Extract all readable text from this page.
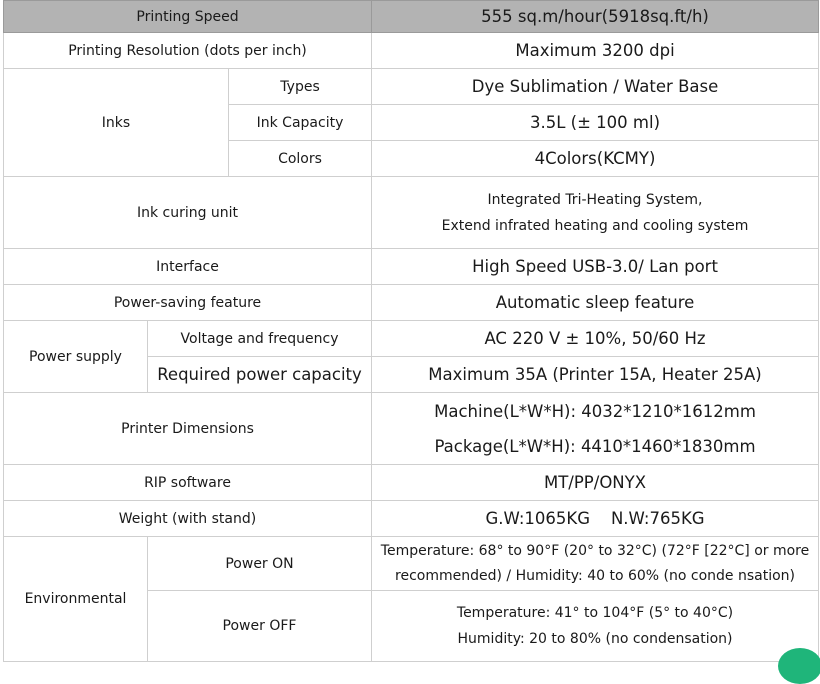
Printing Speed			555 sq.m/hour(5918sq.ft/h)
Printing Resolution (dots per inch)			Maximum 3200 dpi
Inks		Types	Dye Sublimation / Water Base
		Ink Capacity	3.5L (± 100 ml)
		Colors	4Colors(KCMY)
Ink curing unit			Integrated Tri-Heating System,
Extend infrated heating and cooling system

Interface			High Speed USB-3.0/ Lan port
Power-saving feature			Automatic sleep feature
Power supply	Voltage and frequency		AC 220 V ± 10%, 50/60 Hz
	Required power capacity		Maximum 35A (Printer 15A, Heater 25A)
Printer Dimensions			Machine(L*W*H): 4032*1210*1612mm
Package(L*W*H): 4410*1460*1830mm

RIP software			MT/PP/ONYX
Weight (with stand)			G.W:1065KG    N.W:765KG
Environmental	Power ON		Temperature: 68° to 90°F (20° to 32°C) (72°F [22°C] or more
recommended) / Humidity: 40 to 60% (no conde nsation)

	Power OFF		Temperature: 41° to 104°F (5° to 40°C)
Humidity: 20 to 80% (no condensation)
